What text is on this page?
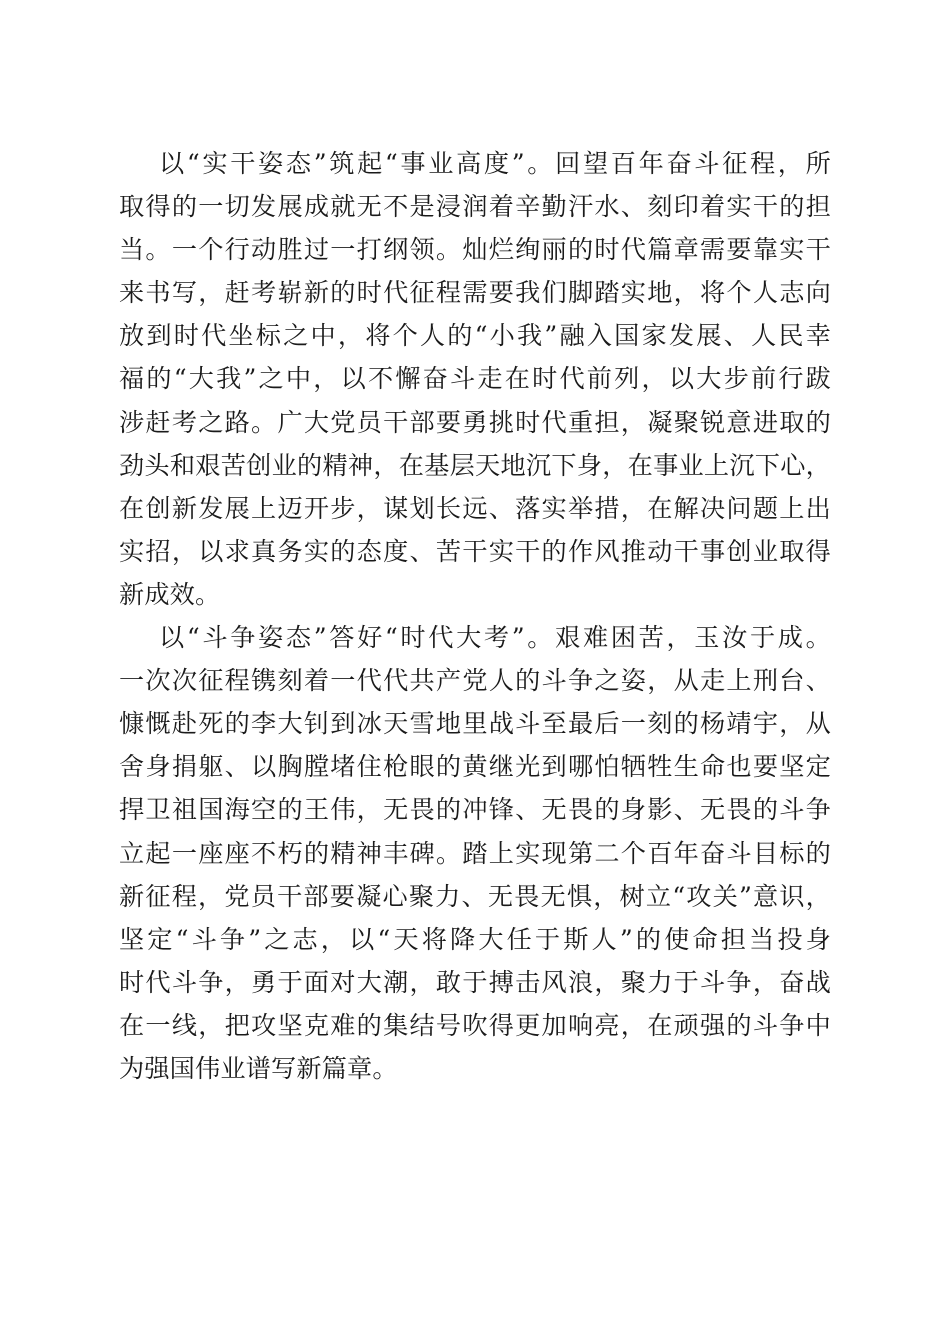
以“实干姿态”筑起“事业高度”。回望百年奋斗征程，所
取得的一切发展成就无不是浸润着辛勤汗水、刻印着实干的担
当。一个行动胜过一打纲领。灿烂绚丽的时代篇章需要靠实干
来书写，赶考崭新的时代征程需要我们脚踏实地，将个人志向
放到时代坐标之中，将个人的“小我”融入国家发展、人民幸
福的“大我”之中，以不懈奋斗走在时代前列，以大步前行跋
涉赶考之路。广大党员干部要勇挑时代重担，凝聚锐意进取的
劲头和艰苦创业的精神，在基层天地沉下身，在事业上沉下心，
在创新发展上迈开步，谋划长远、落实举措，在解决问题上出
实招，以求真务实的态度、苦干实干的作风推动干事创业取得
新成效。

以“斗争姿态”答好“时代大考”。艰难困苦，玉汝于成。
一次次征程镌刻着一代代共产党人的斗争之姿，从走上刑台、
慷慨赴死的李大钊到冰天雪地里战斗至最后一刻的杨靖宇，从
舍身捐躯、以胸膛堵住枪眼的黄继光到哪怕牺牲生命也要坚定
捍卫祖国海空的王伟，无畏的冲锋、无畏的身影、无畏的斗争
立起一座座不朽的精神丰碑。踏上实现第二个百年奋斗目标的
新征程，党员干部要凝心聚力、无畏无惧，树立“攻关”意识，
坚定“斗争”之志，以“天将降大任于斯人”的使命担当投身
时代斗争，勇于面对大潮，敢于搏击风浪，聚力于斗争，奋战
在一线，把攻坚克难的集结号吹得更加响亮，在顽强的斗争中
为强国伟业谱写新篇章。
